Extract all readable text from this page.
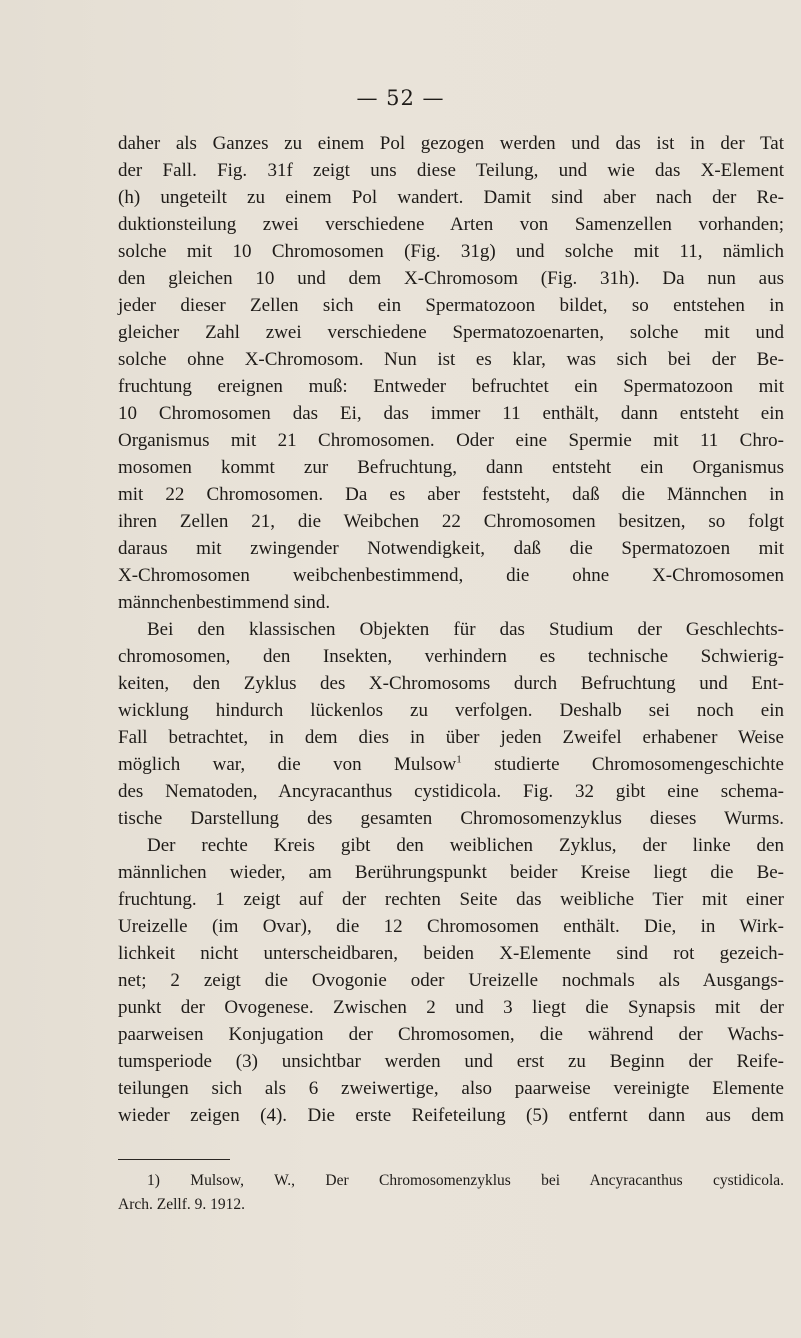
— 52 —
daher als Ganzes zu einem Pol gezogen werden und das ist in der Tat
der Fall. Fig. 31f zeigt uns diese Teilung, und wie das X-Element
(h) ungeteilt zu einem Pol wandert. Damit sind aber nach der Re-
duktionsteilung zwei verschiedene Arten von Samenzellen vorhanden;
solche mit 10 Chromosomen (Fig. 31g) und solche mit 11, nämlich
den gleichen 10 und dem X-Chromosom (Fig. 31h). Da nun aus
jeder dieser Zellen sich ein Spermatozoon bildet, so entstehen in
gleicher Zahl zwei verschiedene Spermatozoenarten, solche mit und
solche ohne X-Chromosom. Nun ist es klar, was sich bei der Be-
fruchtung ereignen muß: Entweder befruchtet ein Spermatozoon mit
10 Chromosomen das Ei, das immer 11 enthält, dann entsteht ein
Organismus mit 21 Chromosomen. Oder eine Spermie mit 11 Chro-
mosomen kommt zur Befruchtung, dann entsteht ein Organismus
mit 22 Chromosomen. Da es aber feststeht, daß die Männchen in
ihren Zellen 21, die Weibchen 22 Chromosomen besitzen, so folgt
daraus mit zwingender Notwendigkeit, daß die Spermatozoen mit
X-Chromosomen weibchenbestimmend, die ohne X-Chromosomen
männchenbestimmend sind.
Bei den klassischen Objekten für das Studium der Geschlechts-
chromosomen, den Insekten, verhindern es technische Schwierig-
keiten, den Zyklus des X-Chromosoms durch Befruchtung und Ent-
wicklung hindurch lückenlos zu verfolgen. Deshalb sei noch ein
Fall betrachtet, in dem dies in über jeden Zweifel erhabener Weise
möglich war, die von Mulsow$^1$ studierte Chromosomengeschichte
des Nematoden, Ancyracanthus cystidicola. Fig. 32 gibt eine schema-
tische Darstellung des gesamten Chromosomenzyklus dieses Wurms.
Der rechte Kreis gibt den weiblichen Zyklus, der linke den
männlichen wieder, am Berührungspunkt beider Kreise liegt die Be-
fruchtung. 1 zeigt auf der rechten Seite das weibliche Tier mit einer
Ureizelle (im Ovar), die 12 Chromosomen enthält. Die, in Wirk-
lichkeit nicht unterscheidbaren, beiden X-Elemente sind rot gezeich-
net; 2 zeigt die Ovogonie oder Ureizelle nochmals als Ausgangs-
punkt der Ovogenese. Zwischen 2 und 3 liegt die Synapsis mit der
paarweisen Konjugation der Chromosomen, die während der Wachs-
tumsperiode (3) unsichtbar werden und erst zu Beginn der Reife-
teilungen sich als 6 zweiwertige, also paarweise vereinigte Elemente
wieder zeigen (4). Die erste Reifeteilung (5) entfernt dann aus dem
1) Mulsow, W., Der Chromosomenzyklus bei Ancyracanthus cystidicola.
Arch. Zellf. 9. 1912.
